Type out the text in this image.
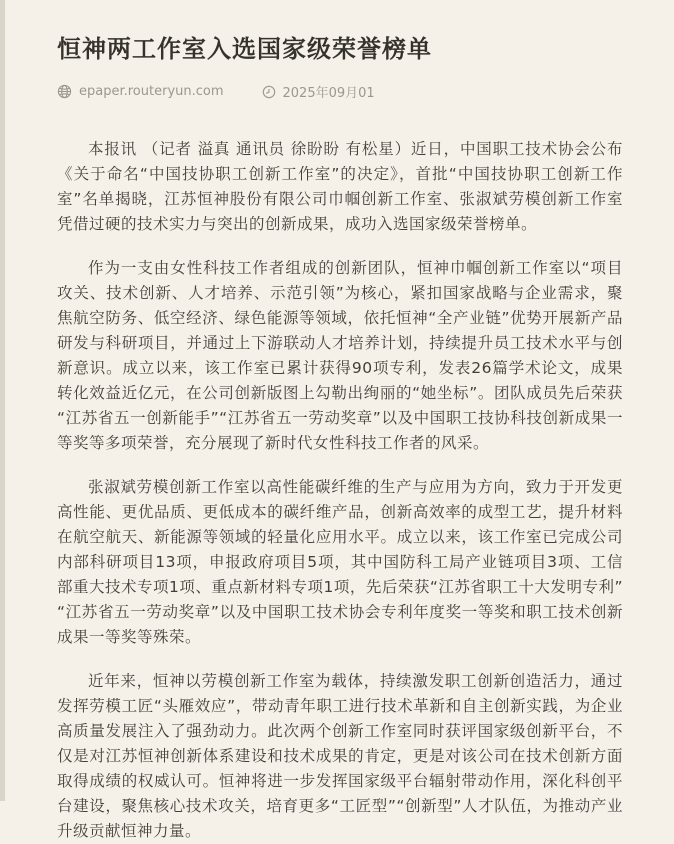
恒神两工作室入选国家级荣誉榜单
epaper.routeryun.com	2025年09月01

本报讯 （记者 溢真 通讯员 徐盼盼 有松星）近日，中国职工技术协会公布《关于命名“中国技协职工创新工作室”的决定》，首批“中国技协职工创新工作室”名单揭晓，江苏恒神股份有限公司巾帼创新工作室、张淑斌劳模创新工作室凭借过硬的技术实力与突出的创新成果，成功入选国家级荣誉榜单。

作为一支由女性科技工作者组成的创新团队，恒神巾帼创新工作室以“项目攻关、技术创新、人才培养、示范引领”为核心，紧扣国家战略与企业需求，聚焦航空防务、低空经济、绿色能源等领域，依托恒神“全产业链”优势开展新产品研发与科研项目，并通过上下游联动人才培养计划，持续提升员工技术水平与创新意识。成立以来，该工作室已累计获得90项专利，发表26篇学术论文，成果转化效益近亿元，在公司创新版图上勾勒出绚丽的“她坐标”。团队成员先后荣获“江苏省五一创新能手”“江苏省五一劳动奖章”以及中国职工技协科技创新成果一等奖等多项荣誉，充分展现了新时代女性科技工作者的风采。

张淑斌劳模创新工作室以高性能碳纤维的生产与应用为方向，致力于开发更高性能、更优品质、更低成本的碳纤维产品，创新高效率的成型工艺，提升材料在航空航天、新能源等领域的轻量化应用水平。成立以来，该工作室已完成公司内部科研项目13项，申报政府项目5项，其中国防科工局产业链项目3项、工信部重大技术专项1项、重点新材料专项1项，先后荣获“江苏省职工十大发明专利”“江苏省五一劳动奖章”以及中国职工技术协会专利年度奖一等奖和职工技术创新成果一等奖等殊荣。

近年来，恒神以劳模创新工作室为载体，持续激发职工创新创造活力，通过发挥劳模工匠“头雁效应”，带动青年职工进行技术革新和自主创新实践，为企业高质量发展注入了强劲动力。此次两个创新工作室同时获评国家级创新平台，不仅是对江苏恒神创新体系建设和技术成果的肯定，更是对该公司在技术创新方面取得成绩的权威认可。恒神将进一步发挥国家级平台辐射带动作用，深化科创平台建设，聚焦核心技术攻关，培育更多“工匠型”“创新型”人才队伍，为推动产业升级贡献恒神力量。
